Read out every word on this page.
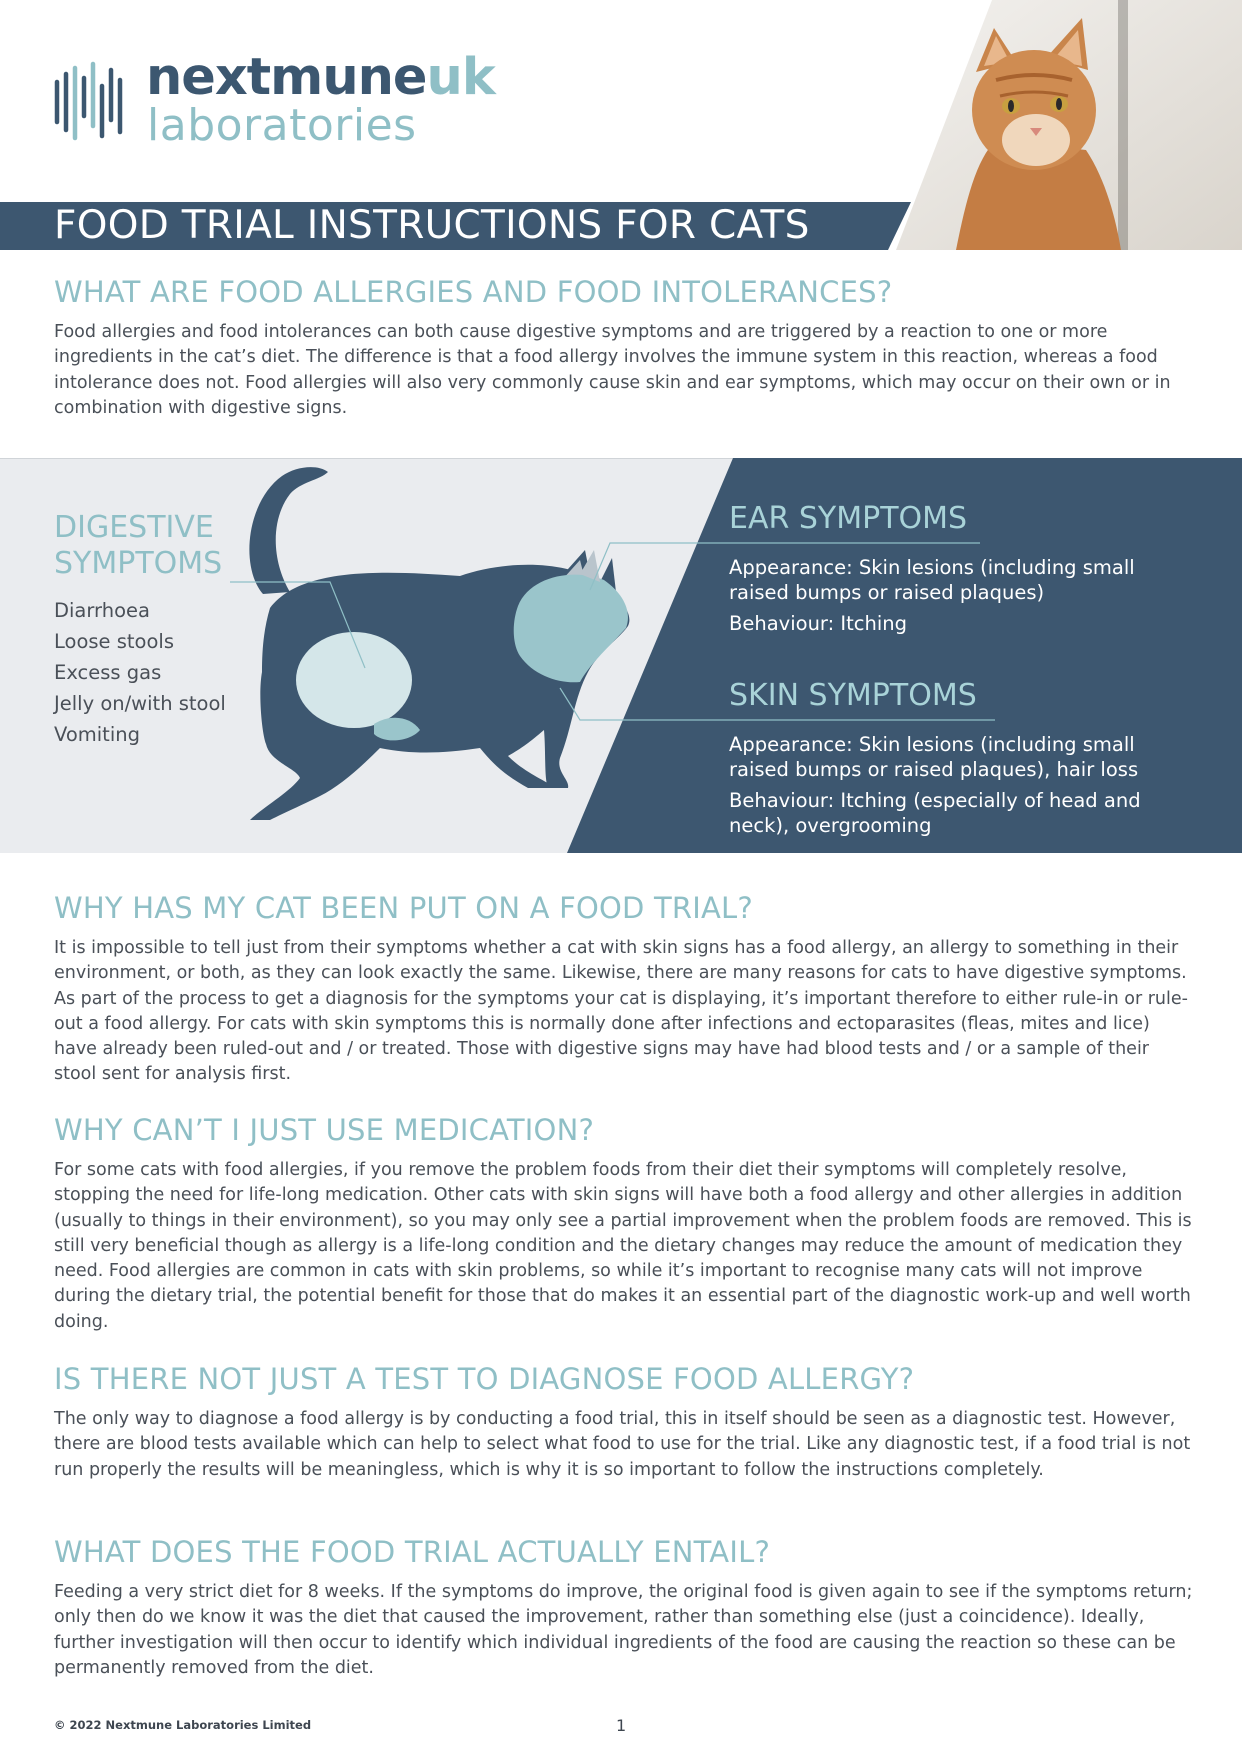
nextmuneuk
laboratories
FOOD TRIAL INSTRUCTIONS FOR CATS
WHAT ARE FOOD ALLERGIES AND FOOD INTOLERANCES?
Food allergies and food intolerances can both cause digestive symptoms and are triggered by a reaction to one or more ingredients in the cat’s diet. The difference is that a food allergy involves the immune system in this reaction, whereas a food intolerance does not. Food allergies will also very commonly cause skin and ear symptoms, which may occur on their own or in combination with digestive signs.
DIGESTIVE
SYMPTOMS
Diarrhoea
Loose stools
Excess gas
Jelly on/with stool
Vomiting
EAR SYMPTOMS

Appearance: Skin lesions (including small raised bumps or raised plaques)

Behaviour: Itching

SKIN SYMPTOMS

Appearance: Skin lesions (including small raised bumps or raised plaques), hair loss

Behaviour: Itching (especially of head and neck), overgrooming

WHY HAS MY CAT BEEN PUT ON A FOOD TRIAL?
It is impossible to tell just from their symptoms whether a cat with skin signs has a food allergy, an allergy to something in their environment, or both, as they can look exactly the same. Likewise, there are many reasons for cats to have digestive symptoms. As part of the process to get a diagnosis for the symptoms your cat is displaying, it’s important therefore to either rule-in or rule-out a food allergy. For cats with skin symptoms this is normally done after infections and ectoparasites (fleas, mites and lice) have already been ruled-out and / or treated. Those with digestive signs may have had blood tests and / or a sample of their stool sent for analysis first.
WHY CAN’T I JUST USE MEDICATION?
For some cats with food allergies, if you remove the problem foods from their diet their symptoms will completely resolve, stopping the need for life-long medication. Other cats with skin signs will have both a food allergy and other allergies in addition (usually to things in their environment), so you may only see a partial improvement when the problem foods are removed. This is still very beneficial though as allergy is a life-long condition and the dietary changes may reduce the amount of medication they need. Food allergies are common in cats with skin problems, so while it’s important to recognise many cats will not improve during the dietary trial, the potential benefit for those that do makes it an essential part of the diagnostic work-up and well worth doing.
IS THERE NOT JUST A TEST TO DIAGNOSE FOOD ALLERGY?
The only way to diagnose a food allergy is by conducting a food trial, this in itself should be seen as a diagnostic test. However, there are blood tests available which can help to select what food to use for the trial. Like any diagnostic test, if a food trial is not run properly the results will be meaningless, which is why it is so important to follow the instructions completely.
WHAT DOES THE FOOD TRIAL ACTUALLY ENTAIL?
Feeding a very strict diet for 8 weeks. If the symptoms do improve, the original food is given again to see if the symptoms return; only then do we know it was the diet that caused the improvement, rather than something else (just a coincidence). Ideally, further investigation will then occur to identify which individual ingredients of the food are causing the reaction so these can be permanently removed from the diet.
© 2022 Nextmune Laboratories Limited	1
